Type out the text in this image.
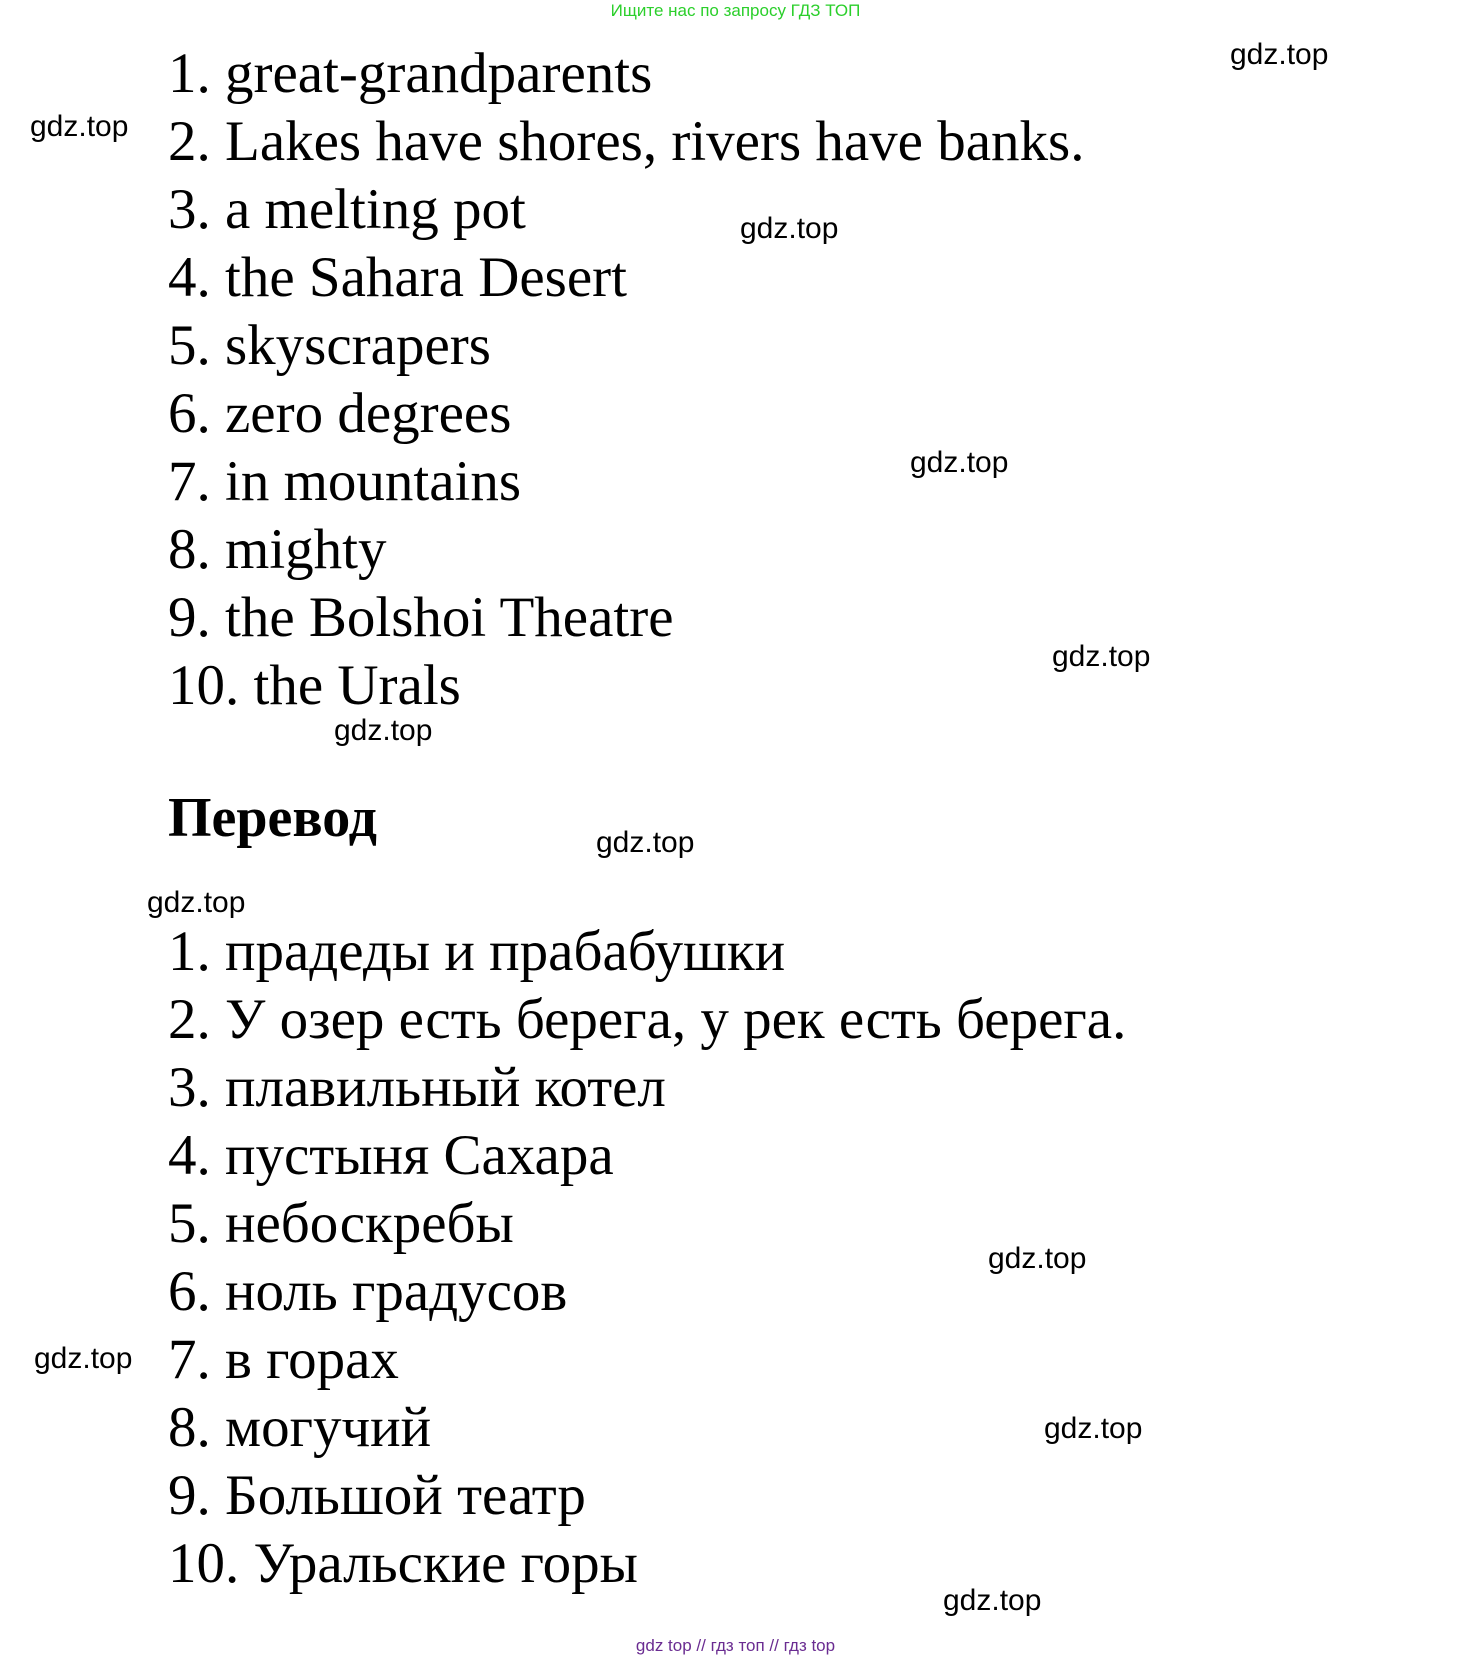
Ищите нас по запросу ГДЗ ТОП
1. great-grandparents
2. Lakes have shores, rivers have banks.
3. a melting pot
4. the Sahara Desert
5. skyscrapers
6. zero degrees
7. in mountains
8. mighty
9. the Bolshoi Theatre
10. the Urals
Перевод
1. прадеды и прабабушки
2. У озер есть берега, у рек есть берега.
3. плавильный котел
4. пустыня Сахара
5. небоскребы
6. ноль градусов
7. в горах
8. могучий
9. Большой театр
10. Уральские горы
gdz.top
gdz.top
gdz.top
gdz.top
gdz.top
gdz.top
gdz.top
gdz.top
gdz.top
gdz.top
gdz.top
gdz.top
gdz top // гдз топ // гдз top
